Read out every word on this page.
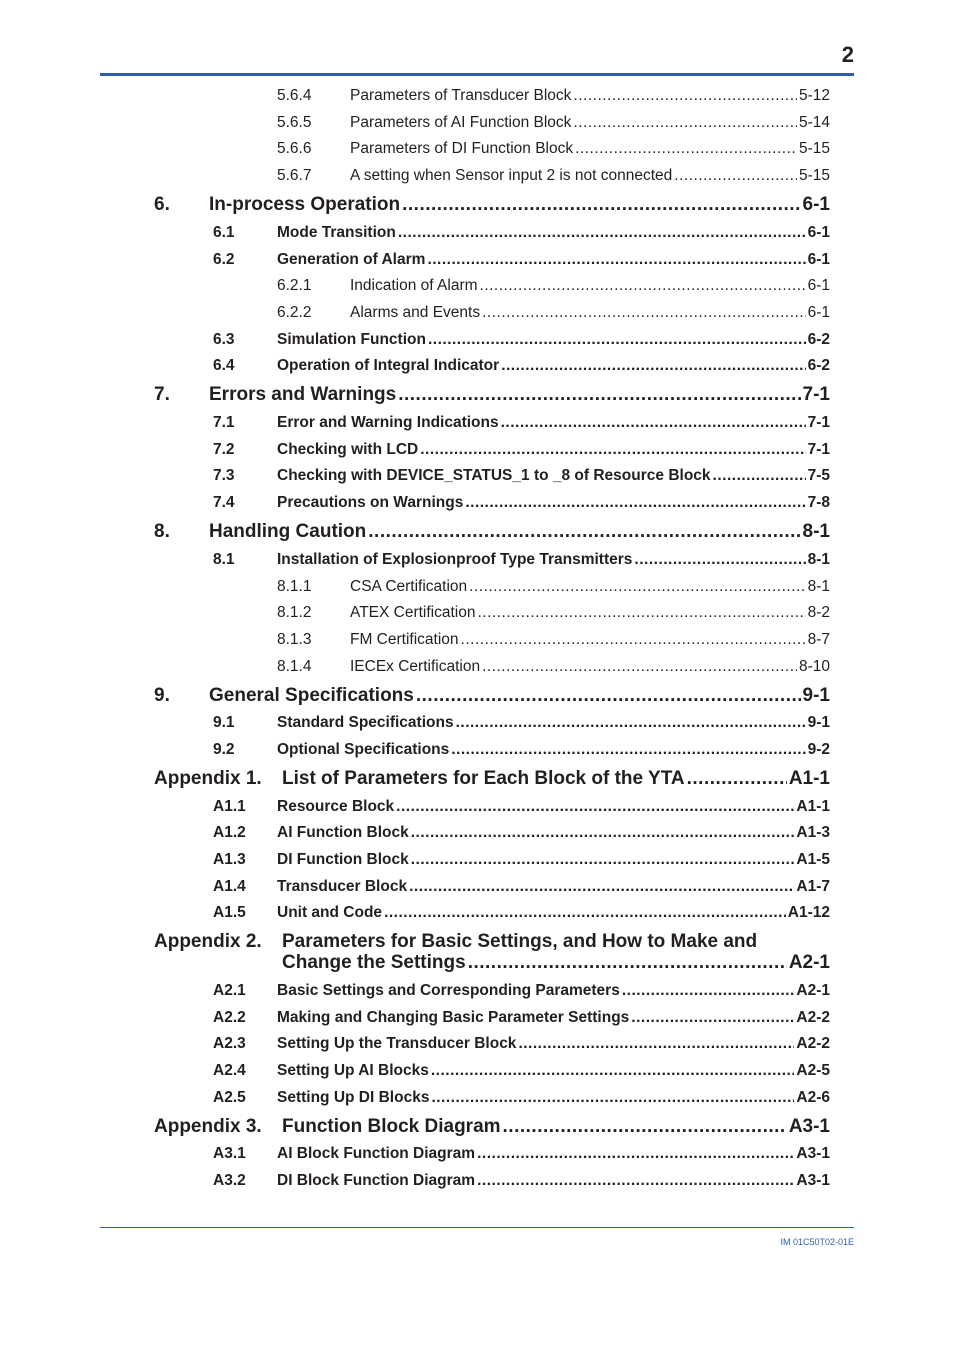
2
5.6.4 Parameters of Transducer Block .....	5-12
5.6.5 Parameters of AI Function Block .....	5-14
5.6.6 Parameters of DI Function Block .....	5-15
5.6.7 A setting when Sensor input 2 is not connected .....	5-15
6. In-process Operation .....	6-1
6.1	Mode Transition .....	6-1
6.2	Generation of Alarm .....	6-1
6.2.1 Indication of Alarm .....	6-1
6.2.2 Alarms and Events .....	6-1
6.3	Simulation Function .....	6-2
6.4	Operation of Integral Indicator .....	6-2
7. Errors and Warnings .....	7-1
7.1	Error and Warning Indications .....	7-1
7.2	Checking with LCD .....	7-1
7.3	Checking with DEVICE_STATUS_1 to _8 of Resource Block .....	7-5
7.4	Precautions on Warnings .....	7-8
8. Handling Caution .....	8-1
8.1	Installation of Explosionproof Type Transmitters .....	8-1
8.1.1 CSA Certification .....	8-1
8.1.2 ATEX Certification .....	8-2
8.1.3 FM Certification .....	8-7
8.1.4 IECEx Certification .....	8-10
9. General Specifications .....	9-1
9.1	Standard Specifications .....	9-1
9.2	Optional Specifications .....	9-2
Appendix 1. List of Parameters for Each Block of the YTA .....	A1-1
A1.1 Resource Block .....	A1-1
A1.2 AI Function Block .....	A1-3
A1.3 DI Function Block .....	A1-5
A1.4 Transducer Block .....	A1-7
A1.5 Unit and Code .....	A1-12
Appendix 2. Parameters for Basic Settings, and How to Make and
Change the Settings .....	A2-1
A2.1 Basic Settings and Corresponding Parameters .....	A2-1
A2.2 Making and Changing Basic Parameter Settings .....	A2-2
A2.3 Setting Up the Transducer Block .....	A2-2
A2.4 Setting Up AI Blocks .....	A2-5
A2.5 Setting Up DI Blocks .....	A2-6
Appendix 3. Function Block Diagram .....	A3-1
A3.1 AI Block Function Diagram .....	A3-1
A3.2 DI Block Function Diagram .....	A3-1
IM 01C50T02-01E
